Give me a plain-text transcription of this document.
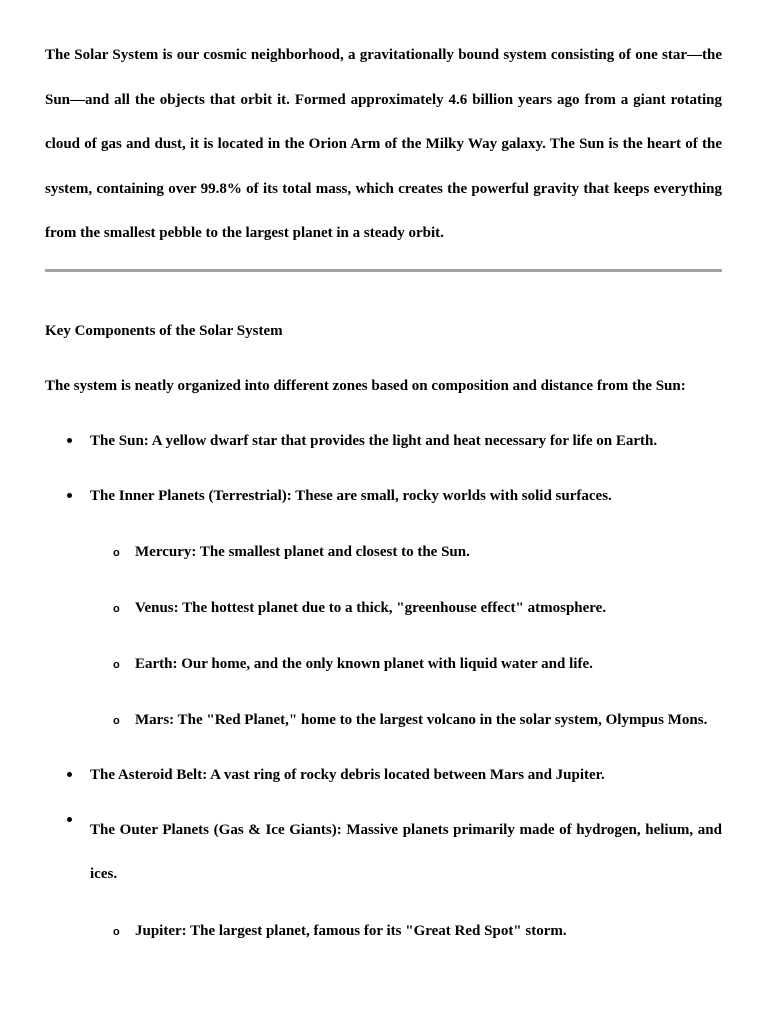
The Solar System is our cosmic neighborhood, a gravitationally bound system consisting of one star—the Sun—and all the objects that orbit it. Formed approximately 4.6 billion years ago from a giant rotating cloud of gas and dust, it is located in the Orion Arm of the Milky Way galaxy. The Sun is the heart of the system, containing over 99.8% of its total mass, which creates the powerful gravity that keeps everything from the smallest pebble to the largest planet in a steady orbit.

Key Components of the Solar System

The system is neatly organized into different zones based on composition and distance from the Sun:

The Sun: A yellow dwarf star that provides the light and heat necessary for life on Earth.
The Inner Planets (Terrestrial): These are small, rocky worlds with solid surfaces.
o Mercury: The smallest planet and closest to the Sun.
o Venus: The hottest planet due to a thick, "greenhouse effect" atmosphere.
o Earth: Our home, and the only known planet with liquid water and life.
o Mars: The "Red Planet," home to the largest volcano in the solar system, Olympus Mons.
The Asteroid Belt: A vast ring of rocky debris located between Mars and Jupiter.
The Outer Planets (Gas & Ice Giants): Massive planets primarily made of hydrogen, helium, and ices.
o Jupiter: The largest planet, famous for its "Great Red Spot" storm.
